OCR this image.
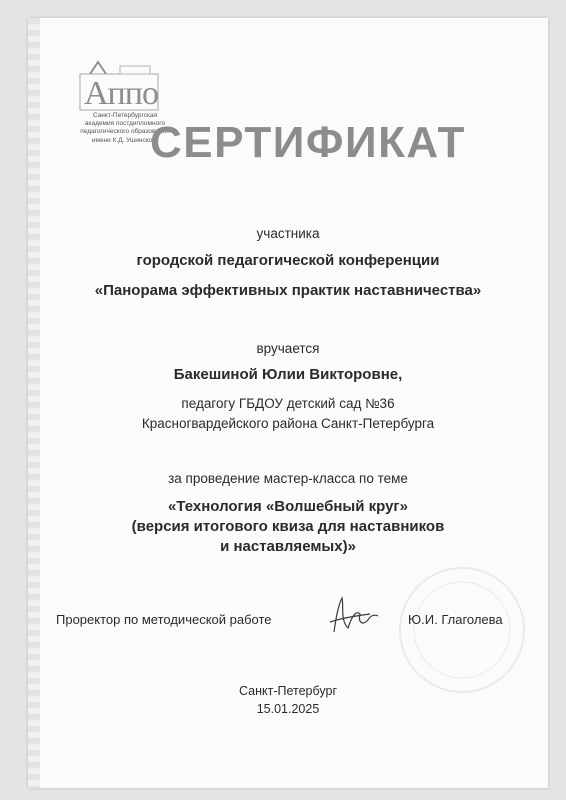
Аппо
Санкт-Петербургская
академия постдипломного
педагогического образования
имени К.Д. Ушинского
СЕРТИФИКАТ
участника
городской педагогической конференции
«Панорама эффективных практик наставничества»
вручается
Бакешиной Юлии Викторовне,
педагогу ГБДОУ детский сад №36
Красногвардейского района Санкт-Петербурга
за проведение мастер-класса по теме
«Технология «Волшебный круг»
(версия итогового квиза для наставников
и наставляемых)»
Проректор по методической работе	Ю.И. Глаголева
Санкт-Петербург
15.01.2025
